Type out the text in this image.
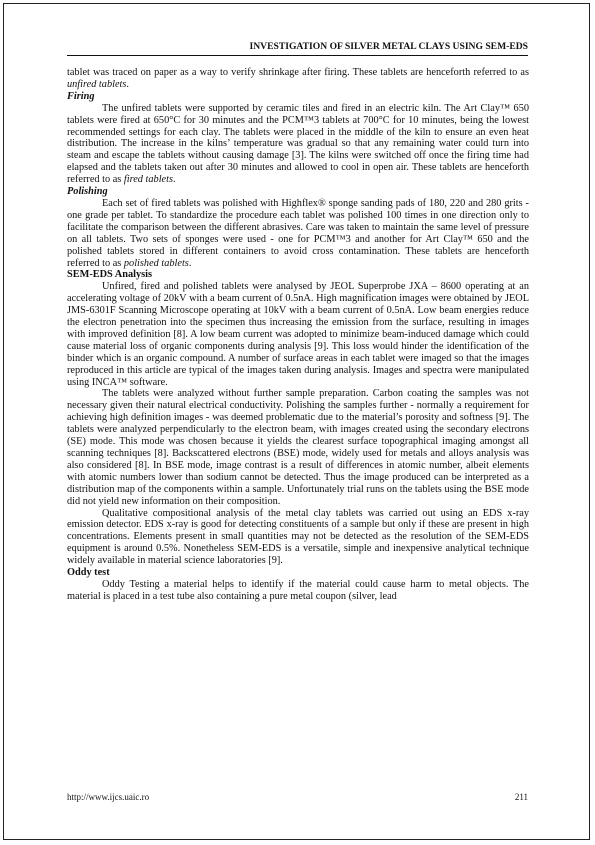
INVESTIGATION OF SILVER METAL CLAYS USING SEM-EDS

tablet was traced on paper as a way to verify shrinkage after firing. These tablets are henceforth referred to as unfired tablets.

Firing

The unfired tablets were supported by ceramic tiles and fired in an electric kiln. The Art Clay™ 650 tablets were fired at 650°C for 30 minutes and the PCM™3 tablets at 700°C for 10 minutes, being the lowest recommended settings for each clay. The tablets were placed in the middle of the kiln to ensure an even heat distribution. The increase in the kilns’ temperature was gradual so that any remaining water could turn into steam and escape the tablets without causing damage [3]. The kilns were switched off once the firing time had elapsed and the tablets taken out after 30 minutes and allowed to cool in open air. These tablets are henceforth referred to as fired tablets.

Polishing

Each set of fired tablets was polished with Highflex® sponge sanding pads of 180, 220 and 280 grits - one grade per tablet. To standardize the procedure each tablet was polished 100 times in one direction only to facilitate the comparison between the different abrasives. Care was taken to maintain the same level of pressure on all tablets. Two sets of sponges were used - one for PCM™3 and another for Art Clay™ 650 and the polished tablets stored in different containers to avoid cross contamination. These tablets are henceforth referred to as polished tablets.

SEM-EDS Analysis

Unfired, fired and polished tablets were analysed by JEOL Superprobe JXA – 8600 operating at an accelerating voltage of 20kV with a beam current of 0.5nA. High magnification images were obtained by JEOL JMS-6301F Scanning Microscope operating at 10kV with a beam current of 0.5nA. Low beam energies reduce the electron penetration into the specimen thus increasing the emission from the surface, resulting in images with improved definition [8]. A low beam current was adopted to minimize beam-induced damage which could cause material loss of organic components during analysis [9]. This loss would hinder the identification of the binder which is an organic compound. A number of surface areas in each tablet were imaged so that the images reproduced in this article are typical of the images taken during analysis. Images and spectra were manipulated using INCA™ software.

The tablets were analyzed without further sample preparation. Carbon coating the samples was not necessary given their natural electrical conductivity. Polishing the samples further - normally a requirement for achieving high definition images - was deemed problematic due to the material’s porosity and softness [9]. The tablets were analyzed perpendicularly to the electron beam, with images created using the secondary electrons (SE) mode. This mode was chosen because it yields the clearest surface topographical imaging amongst all scanning techniques [8]. Backscattered electrons (BSE) mode, widely used for metals and alloys analysis was also considered [8]. In BSE mode, image contrast is a result of differences in atomic number, albeit elements with atomic numbers lower than sodium cannot be detected. Thus the image produced can be interpreted as a distribution map of the components within a sample. Unfortunately trial runs on the tablets using the BSE mode did not yield new information on their composition.

Qualitative compositional analysis of the metal clay tablets was carried out using an EDS x-ray emission detector. EDS x-ray is good for detecting constituents of a sample but only if these are present in high concentrations. Elements present in small quantities may not be detected as the resolution of the SEM-EDS equipment is around 0.5%. Nonetheless SEM-EDS is a versatile, simple and inexpensive analytical technique widely available in material science laboratories [9].

Oddy test

Oddy Testing a material helps to identify if the material could cause harm to metal objects. The material is placed in a test tube also containing a pure metal coupon (silver, lead

http://www.ijcs.uaic.ro	211
